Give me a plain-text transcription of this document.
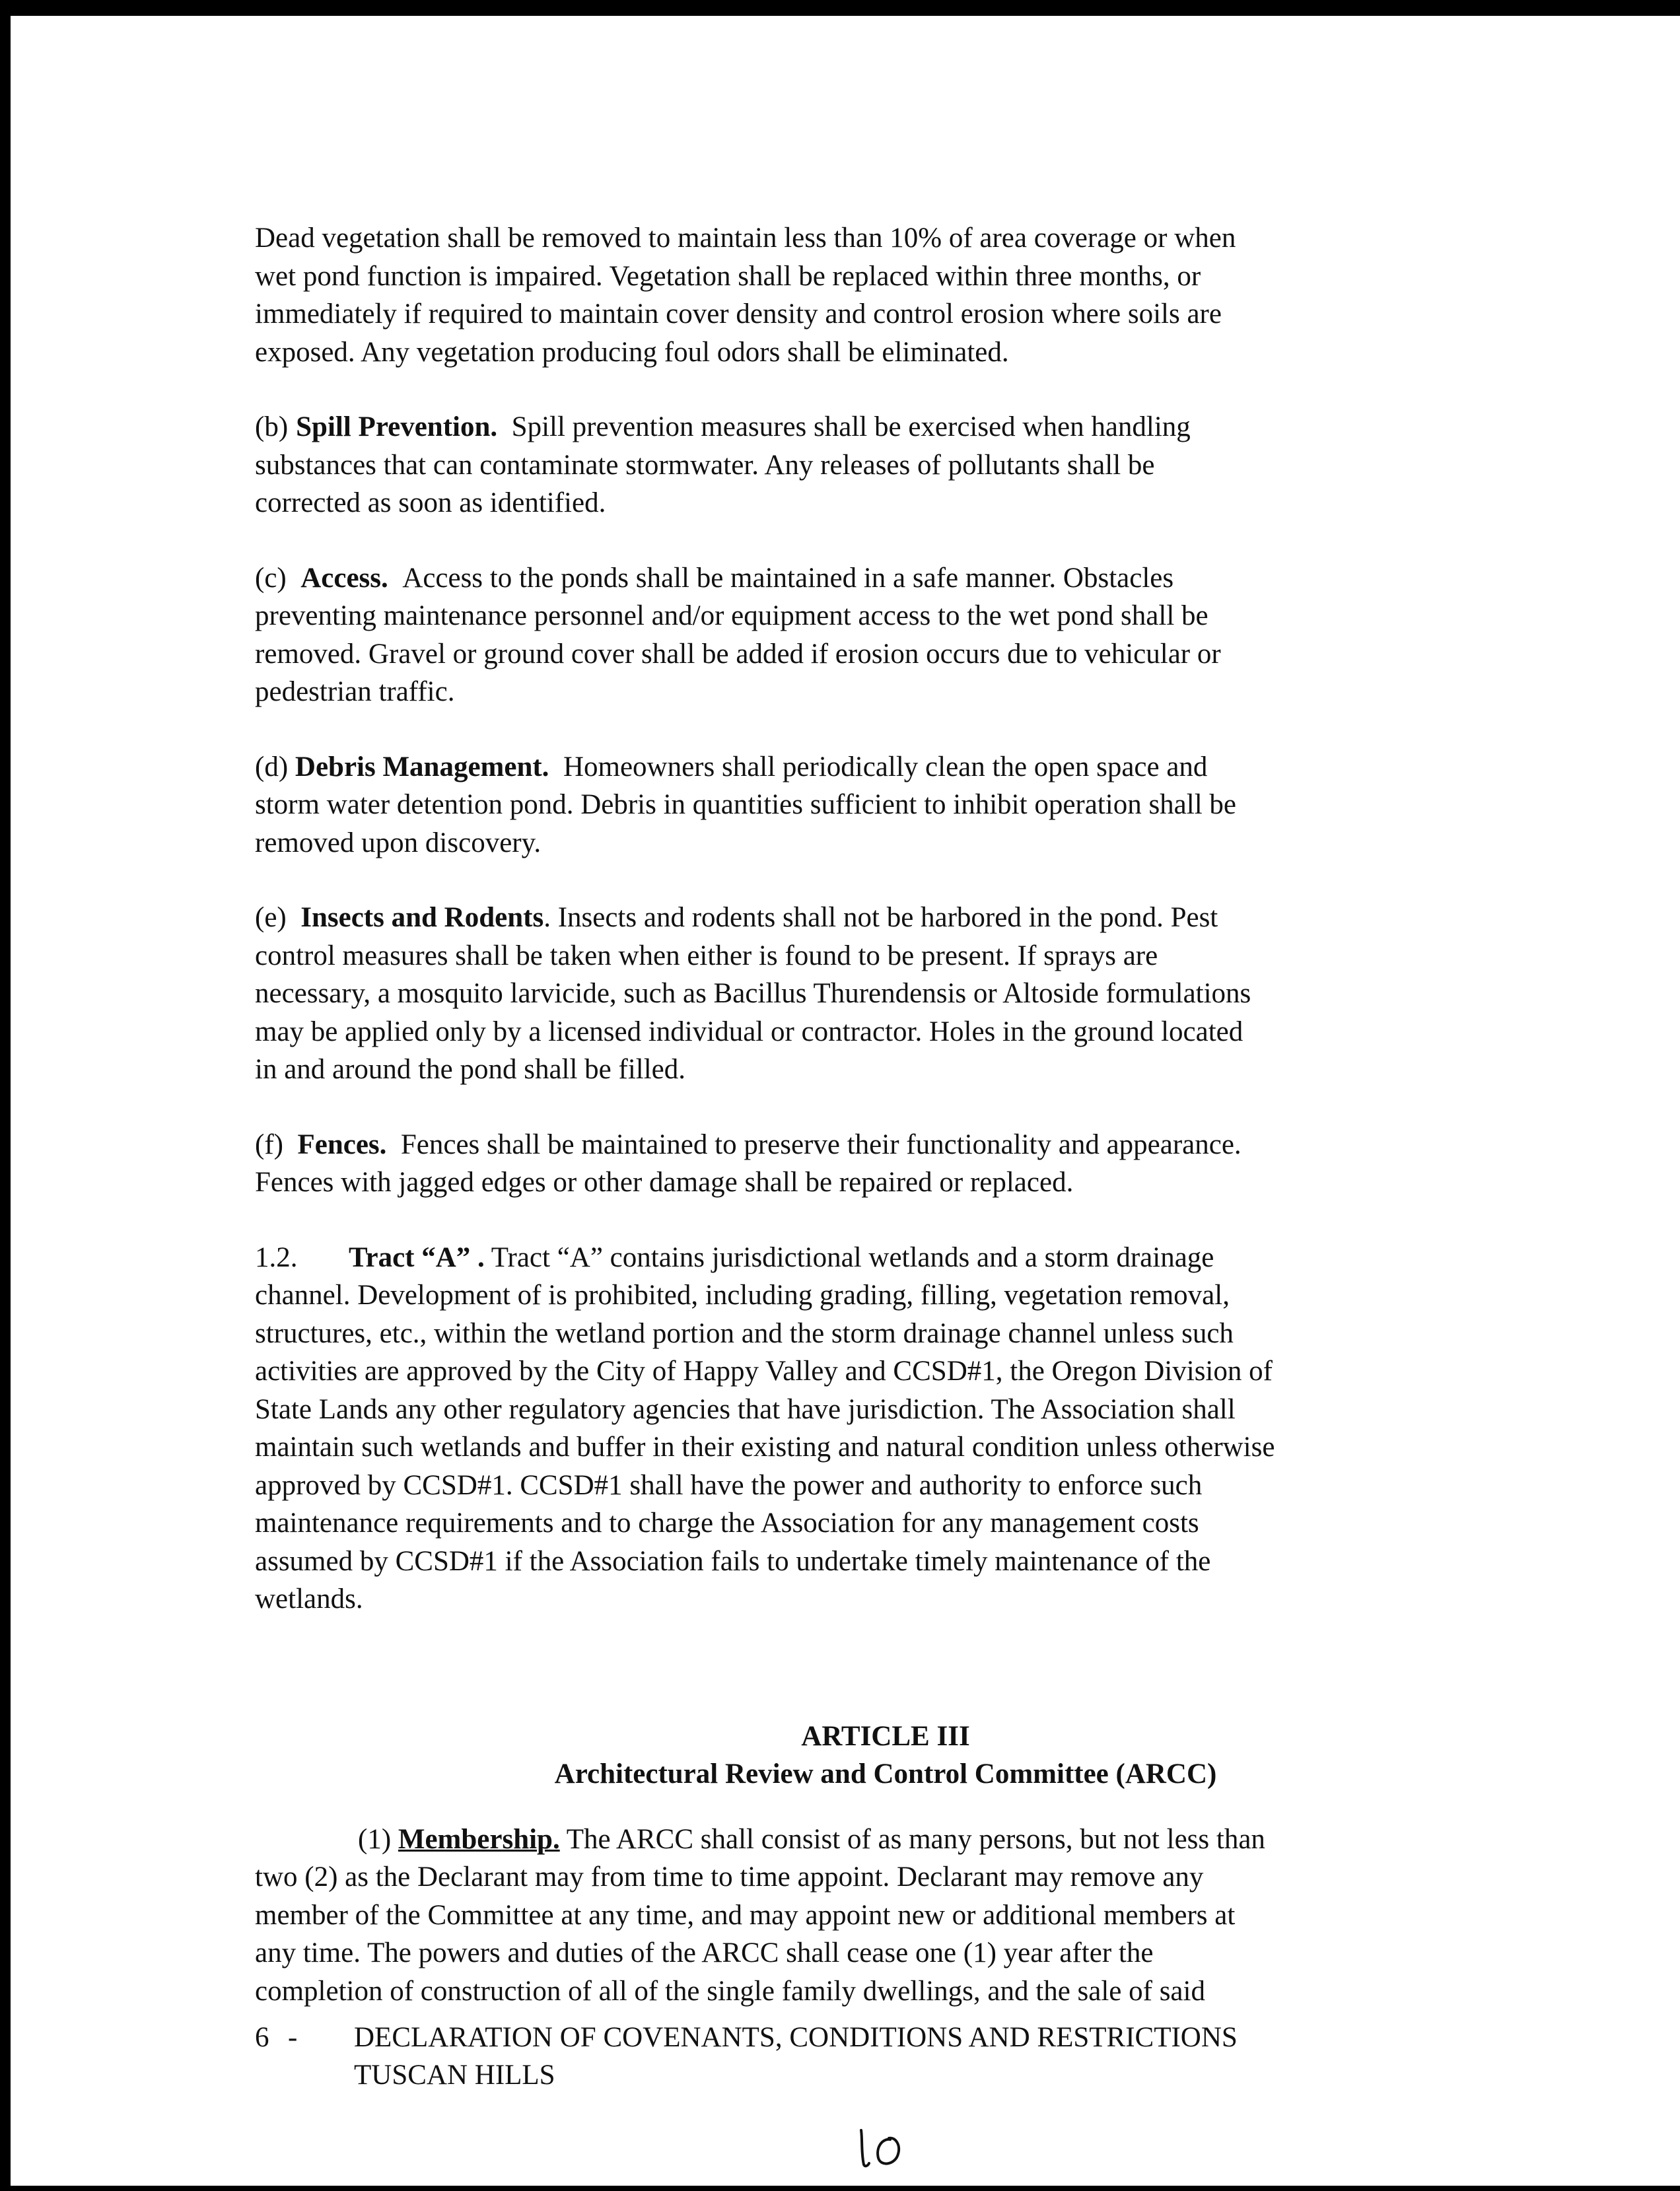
Dead vegetation shall be removed to maintain less than 10% of area coverage or when
wet pond function is impaired. Vegetation shall be replaced within three months, or
immediately if required to maintain cover density and control erosion where soils are
exposed. Any vegetation producing foul odors shall be eliminated.

(b) Spill Prevention. Spill prevention measures shall be exercised when handling
substances that can contaminate stormwater. Any releases of pollutants shall be
corrected as soon as identified.

(c) Access. Access to the ponds shall be maintained in a safe manner. Obstacles
preventing maintenance personnel and/or equipment access to the wet pond shall be
removed. Gravel or ground cover shall be added if erosion occurs due to vehicular or
pedestrian traffic.

(d) Debris Management. Homeowners shall periodically clean the open space and
storm water detention pond. Debris in quantities sufficient to inhibit operation shall be
removed upon discovery.

(e) Insects and Rodents. Insects and rodents shall not be harbored in the pond. Pest
control measures shall be taken when either is found to be present. If sprays are
necessary, a mosquito larvicide, such as Bacillus Thurendensis or Altoside formulations
may be applied only by a licensed individual or contractor. Holes in the ground located
in and around the pond shall be filled.

(f) Fences. Fences shall be maintained to preserve their functionality and appearance.
Fences with jagged edges or other damage shall be repaired or replaced.

1.2. Tract “A” . Tract “A” contains jurisdictional wetlands and a storm drainage
channel. Development of is prohibited, including grading, filling, vegetation removal,
structures, etc., within the wetland portion and the storm drainage channel unless such
activities are approved by the City of Happy Valley and CCSD#1, the Oregon Division of
State Lands any other regulatory agencies that have jurisdiction. The Association shall
maintain such wetlands and buffer in their existing and natural condition unless otherwise
approved by CCSD#1. CCSD#1 shall have the power and authority to enforce such
maintenance requirements and to charge the Association for any management costs
assumed by CCSD#1 if the Association fails to undertake timely maintenance of the
wetlands.

ARTICLE III
Architectural Review and Control Committee (ARCC)

(1) Membership. The ARCC shall consist of as many persons, but not less than
two (2) as the Declarant may from time to time appoint. Declarant may remove any
member of the Committee at any time, and may appoint new or additional members at
any time. The powers and duties of the ARCC shall cease one (1) year after the
completion of construction of all of the single family dwellings, and the sale of said

6 - DECLARATION OF COVENANTS, CONDITIONS AND RESTRICTIONS
TUSCAN HILLS
